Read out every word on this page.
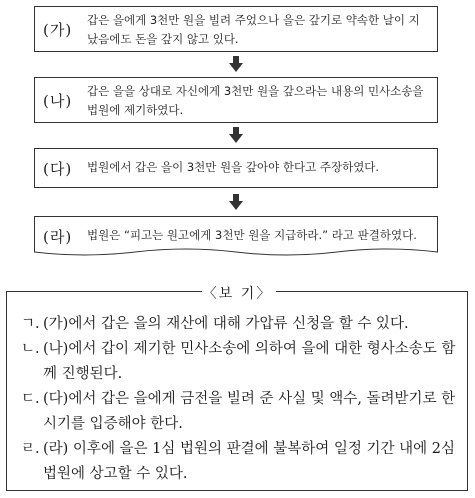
(가)
갑은 을에게 3천만 원을 빌려 주었으나 을은 갚기로 약속한 날이 지났음에도 돈을 갚지 않고 있다.
(나)
갑은 을을 상대로 자신에게 3천만 원을 갚으라는 내용의 민사소송을 법원에 제기하였다.
(다) 법원에서 갑은 을이 3천만 원을 갚아야 한다고 주장하였다.
(라) 법원은 “피고는 원고에게 3천만 원을 지급하라.” 라고 판결하였다.
ㄱ. (가)에서 갑은 을의 재산에 대해 가압류 신청을 할 수 있다.
ㄴ. (나)에서 갑이 제기한 민사소송에 의하여 을에 대한 형사소송도 함께 진행된다.
ㄷ. (다)에서 갑은 을에게 금전을 빌려 준 사실 및 액수, 돌려받기로 한 시기를 입증해야 한다.
ㄹ. (라) 이후에 을은 1심 법원의 판결에 불복하여 일정 기간 내에 2심 법원에 상고할 수 있다.
〈보 기〉
